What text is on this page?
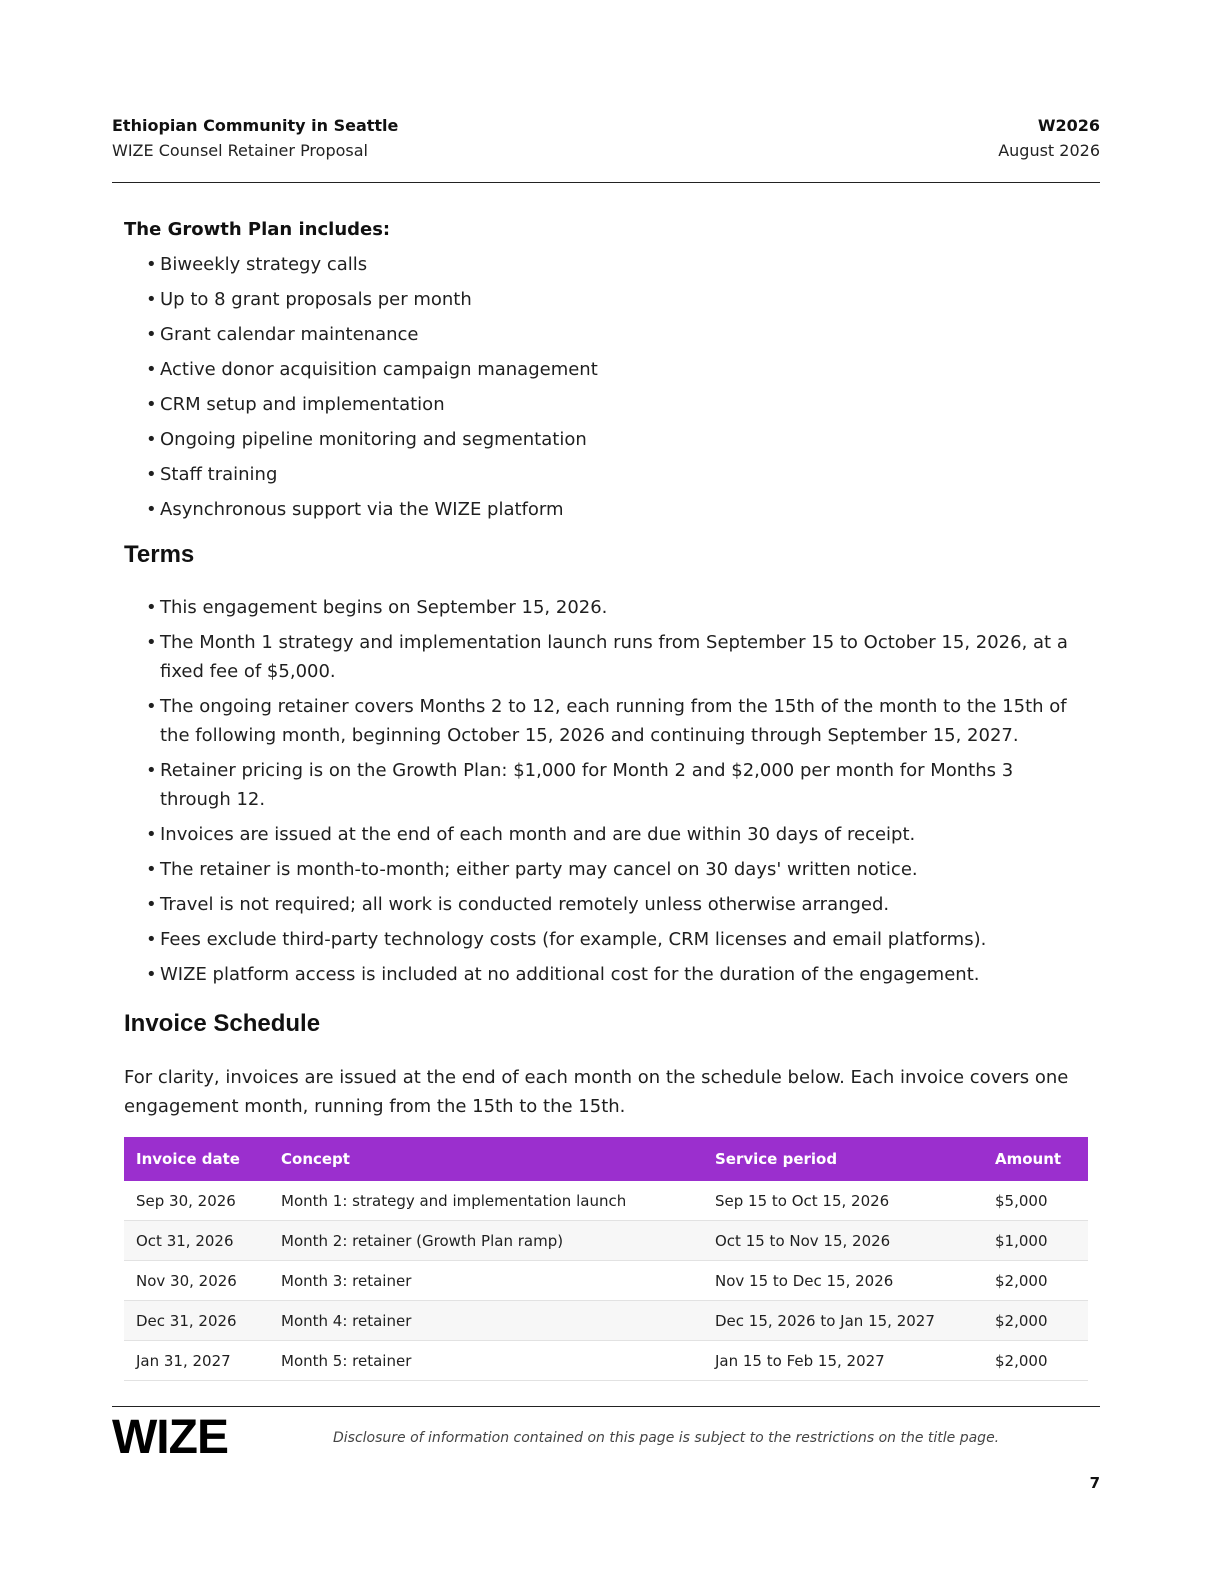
Ethiopian Community in Seattle
WIZE Counsel Retainer Proposal
W2026
August 2026
The Growth Plan includes:
• Biweekly strategy calls
• Up to 8 grant proposals per month
• Grant calendar maintenance
• Active donor acquisition campaign management
• CRM setup and implementation
• Ongoing pipeline monitoring and segmentation
• Staff training
• Asynchronous support via the WIZE platform
Terms
• This engagement begins on September 15, 2026.
• The Month 1 strategy and implementation launch runs from September 15 to October 15, 2026, at a fixed fee of $5,000.
• The ongoing retainer covers Months 2 to 12, each running from the 15th of the month to the 15th of the following month, beginning October 15, 2026 and continuing through September 15, 2027.
• Retainer pricing is on the Growth Plan: $1,000 for Month 2 and $2,000 per month for Months 3 through 12.
• Invoices are issued at the end of each month and are due within 30 days of receipt.
• The retainer is month-to-month; either party may cancel on 30 days' written notice.
• Travel is not required; all work is conducted remotely unless otherwise arranged.
• Fees exclude third-party technology costs (for example, CRM licenses and email platforms).
• WIZE platform access is included at no additional cost for the duration of the engagement.
Invoice Schedule

For clarity, invoices are issued at the end of each month on the schedule below. Each invoice covers one engagement month, running from the 15th to the 15th.

Invoice date	Concept	Service period	Amount
Sep 30, 2026	Month 1: strategy and implementation launch	Sep 15 to Oct 15, 2026	$5,000
Oct 31, 2026	Month 2: retainer (Growth Plan ramp)	Oct 15 to Nov 15, 2026	$1,000
Nov 30, 2026	Month 3: retainer	Nov 15 to Dec 15, 2026	$2,000
Dec 31, 2026	Month 4: retainer	Dec 15, 2026 to Jan 15, 2027	$2,000
Jan 31, 2027	Month 5: retainer	Jan 15 to Feb 15, 2027	$2,000
WIZE	Disclosure of information contained on this page is subject to the restrictions on the title page.
7
